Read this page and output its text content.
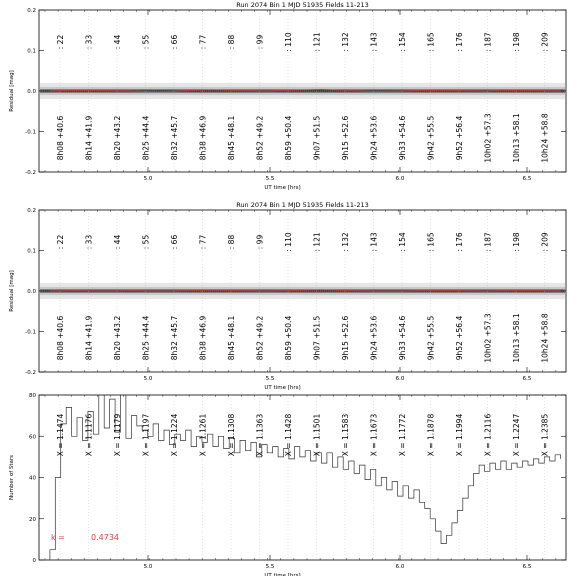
Run 2074 Bin 1 MJD 51935 Fields 11-213
5.0	5.5	6.0	6.5
UT time [hrs]
-0.2
-0.1
0.0
0.1
0.2
Residual [mag]
: 22
8h08 +40.6
: 33
8h14 +41.9
: 44
8h20 +43.2
: 55
8h25 +44.4
: 66
8h32 +45.7
: 77
8h38 +46.9
: 88
8h45 +48.1
: 99
8h52 +49.2
: 110
8h59 +50.4
: 121
9h07 +51.5
: 132
9h15 +52.6
: 143
9h24 +53.6
: 154
9h33 +54.6
: 165
9h42 +55.5
: 176
9h52 +56.4
: 187
10h02 +57.3
: 198
10h13 +58.1
: 209
10h24 +58.8
Run 2074 Bin 1 MJD 51935 Fields 11-213
5.0	5.5	6.0	6.5
UT time [hrs]
-0.2
-0.1
0.0
0.1
0.2
Residual [mag]
: 22
8h08 +40.6
: 33
8h14 +41.9
: 44
8h20 +43.2
: 55
8h25 +44.4
: 66
8h32 +45.7
: 77
8h38 +46.9
: 88
8h45 +48.1
: 99
8h52 +49.2
: 110
8h59 +50.4
: 121
9h07 +51.5
: 132
9h15 +52.6
: 143
9h24 +53.6
: 154
9h33 +54.6
: 165
9h42 +55.5
: 176
9h52 +56.4
: 187
10h02 +57.3
: 198
10h13 +58.1
: 209
10h24 +58.8
5.0	5.5	6.0	6.5
UT time [hrs]
0
20
40
60
80
Number of Stars
X = 1.1474	X = 1.1176	X = 1.1179	X = 1.1197	X = 1.1224	X = 1.1261	X = 1.1308	X = 1.1363	X = 1.1428	X = 1.1501	X = 1.1583	X = 1.1673	X = 1.1772	X = 1.1878	X = 1.1994	X = 1.2116	X = 1.2247	X = 1.2385
k =	0.4734
